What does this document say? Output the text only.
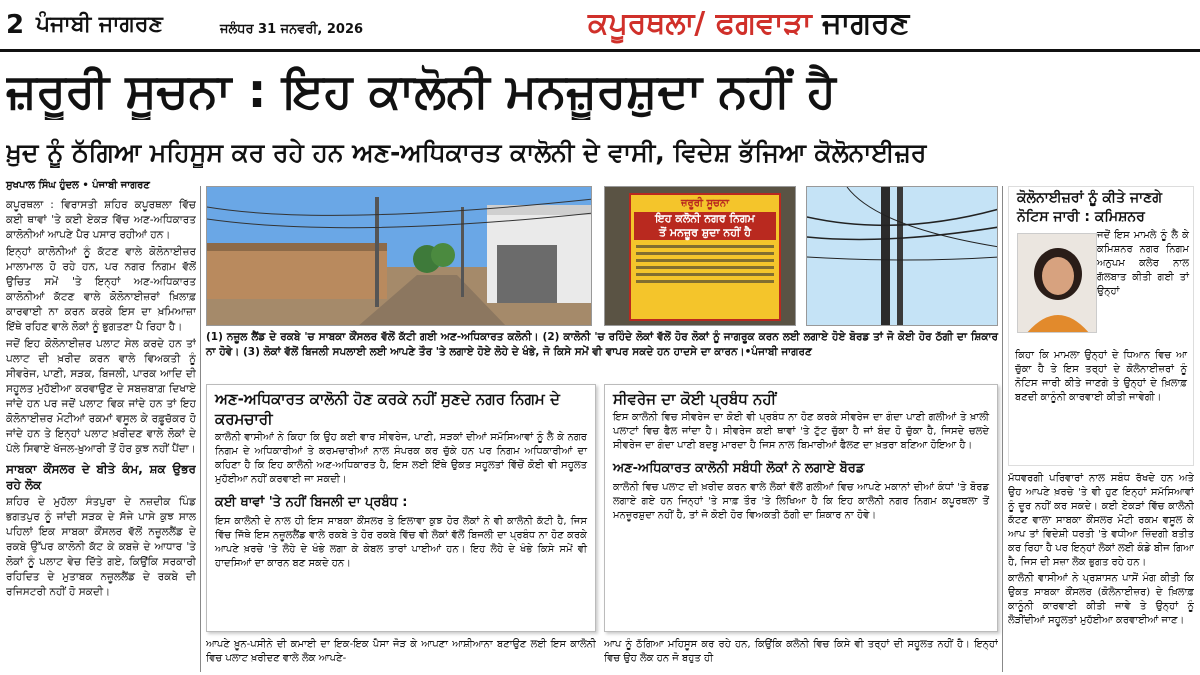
2 ਪੰਜਾਬੀ ਜਾਗਰਣ	ਜਲੰਧਰ 31 ਜਨਵਰੀ, 2026	ਕਪੂਰਥਲਾ/ ਫਗਵਾੜਾ ਜਾਗਰਣ
ਜ਼ਰੂਰੀ ਸੂਚਨਾ : ਇਹ ਕਾਲੋਨੀ ਮਨਜ਼ੂਰਸ਼ੁਦਾ ਨਹੀਂ ਹੈ
ਖ਼ੁਦ ਨੂੰ ਠੱਗਿਆ ਮਹਿਸੂਸ ਕਰ ਰਹੇ ਹਨ ਅਣ-ਅਧਿਕਾਰਤ ਕਾਲੋਨੀ ਦੇ ਵਾਸੀ, ਵਿਦੇਸ਼ ਭੱਜਿਆ ਕੋਲੋਨਾਈਜ਼ਰ
ਸੁਖਪਾਲ ਸਿੰਘ ਹੁੰਦਲ • ਪੰਜਾਬੀ ਜਾਗਰਣ

ਕਪੂਰਥਲਾ : ਵਿਰਾਸਤੀ ਸ਼ਹਿਰ ਕਪੂਰਥਲਾ ਵਿੱਚ ਕਈ ਥਾਵਾਂ 'ਤੇ ਕਈ ਏਕੜ ਵਿੱਚ ਅਣ-ਅਧਿਕਾਰਤ ਕਾਲੋਨੀਆਂ ਆਪਣੇ ਪੈਰ ਪਸਾਰ ਰਹੀਆਂ ਹਨ।

ਇਨ੍ਹਾਂ ਕਾਲੋਨੀਆਂ ਨੂੰ ਕੱਟਣ ਵਾਲੇ ਕੋਲੋਨਾਈਜ਼ਰ ਮਾਲਾਮਾਲ ਹੋ ਰਹੇ ਹਨ, ਪਰ ਨਗਰ ਨਿਗਮ ਵੱਲੋਂ ਉਚਿਤ ਸਮੇਂ 'ਤੇ ਇਨ੍ਹਾਂ ਅਣ-ਅਧਿਕਾਰਤ ਕਾਲੋਨੀਆਂ ਕੱਟਣ ਵਾਲੇ ਕੋਲੋਨਾਈਜ਼ਰਾਂ ਖ਼ਿਲਾਫ਼ ਕਾਰਵਾਈ ਨਾ ਕਰਨ ਕਰਕੇ ਇਸ ਦਾ ਖ਼ਮਿਆਜ਼ਾ ਇੱਥੇ ਰਹਿਣ ਵਾਲੇ ਲੋਕਾਂ ਨੂੰ ਭੁਗਤਣਾ ਪੈ ਰਿਹਾ ਹੈ।

ਜਦੋਂ ਇਹ ਕੋਲੋਨਾਈਜ਼ਰ ਪਲਾਟ ਸੇਲ ਕਰਦੇ ਹਨ ਤਾਂ ਪਲਾਟ ਦੀ ਖ਼ਰੀਦ ਕਰਨ ਵਾਲੇ ਵਿਅਕਤੀ ਨੂੰ ਸੀਵਰੇਜ, ਪਾਣੀ, ਸੜਕ, ਬਿਜਲੀ, ਪਾਰਕ ਆਦਿ ਦੀ ਸਹੂਲਤ ਮੁਹੱਈਆ ਕਰਵਾਉਣ ਦੇ ਸਬਜ਼ਬਾਗ਼ ਦਿਖਾਏ ਜਾਂਦੇ ਹਨ ਪਰ ਜਦੋਂ ਪਲਾਟ ਵਿਕ ਜਾਂਦੇ ਹਨ ਤਾਂ ਇਹ ਕੋਲੋਨਾਈਜ਼ਰ ਮੋਟੀਆਂ ਰਕਮਾਂ ਵਸੂਲ ਕੇ ਰਫ਼ੂਚੱਕਰ ਹੋ ਜਾਂਦੇ ਹਨ ਤੇ ਇਨ੍ਹਾਂ ਪਲਾਟ ਖ਼ਰੀਦਣ ਵਾਲੇ ਲੋਕਾਂ ਦੇ ਪੱਲੇ ਸਿਵਾਏ ਖੱਜਲ-ਖ਼ੁਆਰੀ ਤੋਂ ਹੋਰ ਕੁਝ ਨਹੀਂ ਪੈਂਦਾ।

ਸਾਬਕਾ ਕੌਂਸਲਰ ਦੇ ਬੀਤੇ ਕੰਮ, ਸ਼ਕ ਉਭਰ ਰਹੇ ਲੋਕ

ਸ਼ਹਿਰ ਦੇ ਮੁਹੱਲਾ ਸੰਤਪੁਰਾ ਦੇ ਨਜ਼ਦੀਕ ਪਿੰਡ ਭਗਤਪੁਰ ਨੂੰ ਜਾਂਦੀ ਸੜਕ ਦੇ ਸੱਜੇ ਪਾਸੇ ਕੁਝ ਸਾਲ ਪਹਿਲਾਂ ਇਕ ਸਾਬਕਾ ਕੌਂਸਲਰ ਵੱਲੋਂ ਨਜ਼ੂਲਲੈਂਡ ਦੇ ਰਕਬੇ ਉੱਪਰ ਕਾਲੋਨੀ ਕੱਟ ਕੇ ਕਬਜ਼ੇ ਦੇ ਆਧਾਰ 'ਤੇ ਲੋਕਾਂ ਨੂੰ ਪਲਾਟ ਵੇਚ ਦਿੱਤੇ ਗਏ, ਕਿਉਂਕਿ ਸਰਕਾਰੀ ਰਹਿਦਿਤ ਦੇ ਮੁਤਾਬਕ ਨਜ਼ੂਲਲੈਂਡ ਦੇ ਰਕਬੇ ਦੀ ਰਜਿਸਟਰੀ ਨਹੀਂ ਹੋ ਸਕਦੀ।

ਜ਼ਰੂਰੀ ਸੂਚਨਾ
ਇਹ ਕਲੋਨੀ ਨਗਰ ਨਿਗਮ
ਤੋਂ ਮਨਜ਼ੂਰ ਸ਼ੁਦਾ ਨਹੀਂ ਹੈ
(1) ਨਜ਼ੂਲ ਲੈਂਡ ਦੇ ਰਕਬੇ 'ਚ ਸਾਬਕਾ ਕੌਂਸਲਰ ਵੱਲੋਂ ਕੱਟੀ ਗਈ ਅਣ-ਅਧਿਕਾਰਤ ਕਲੋਨੀ। (2) ਕਾਲੋਨੀ 'ਚ ਰਹਿੰਦੇ ਲੋਕਾਂ ਵੱਲੋਂ ਹੋਰ ਲੋਕਾਂ ਨੂੰ ਜਾਗਰੂਕ ਕਰਨ ਲਈ ਲਗਾਏ ਹੋਏ ਬੋਰਡ ਤਾਂ ਜੋ ਕੋਈ ਹੋਰ ਠੱਗੀ ਦਾ ਸ਼ਿਕਾਰ ਨਾ ਹੋਵੇ। (3) ਲੋਕਾਂ ਵੱਲੋਂ ਬਿਜਲੀ ਸਪਲਾਈ ਲਈ ਆਪਣੇ ਤੌਰ 'ਤੇ ਲਗਾਏ ਹੋਏ ਲੋਹੇ ਦੇ ਖੰਭੇ, ਜੋ ਕਿਸੇ ਸਮੇਂ ਵੀ ਵਾਪਰ ਸਕਦੇ ਹਨ ਹਾਦਸੇ ਦਾ ਕਾਰਨ।•ਪੰਜਾਬੀ ਜਾਗਰਣ
ਅਣ-ਅਧਿਕਾਰਤ ਕਾਲੋਨੀ ਹੋਣ ਕਰਕੇ ਨਹੀਂ ਸੁਣਦੇ ਨਗਰ ਨਿਗਮ ਦੇ ਕਰਮਚਾਰੀ
ਕਾਲੋਨੀ ਵਾਸੀਆਂ ਨੇ ਕਿਹਾ ਕਿ ਉਹ ਕਈ ਵਾਰ ਸੀਵਰੇਜ, ਪਾਣੀ, ਸੜਕਾਂ ਦੀਆਂ ਸਮੱਸਿਆਵਾਂ ਨੂੰ ਲੈ ਕੇ ਨਗਰ ਨਿਗਮ ਦੇ ਅਧਿਕਾਰੀਆਂ ਤੇ ਕਰਮਚਾਰੀਆਂ ਨਾਲ ਸੰਪਰਕ ਕਰ ਚੁੱਕੇ ਹਨ ਪਰ ਨਿਗਮ ਅਧਿਕਾਰੀਆਂ ਦਾ ਕਹਿਣਾ ਹੈ ਕਿ ਇਹ ਕਾਲੋਨੀ ਅਣ-ਅਧਿਕਾਰਤ ਹੈ, ਇਸ ਲਈ ਇੱਥੇ ਉਕਤ ਸਹੂਲਤਾਂ ਵਿੱਚੋਂ ਕੋਈ ਵੀ ਸਹੂਲਤ ਮੁਹੱਈਆ ਨਹੀਂ ਕਰਵਾਈ ਜਾ ਸਕਦੀ।
ਕਈ ਥਾਵਾਂ 'ਤੇ ਨਹੀਂ ਬਿਜਲੀ ਦਾ ਪ੍ਰਬੰਧ :
ਇਸ ਕਾਲੋਨੀ ਦੇ ਨਾਲ ਹੀ ਇਸ ਸਾਬਕਾ ਕੌਂਸਲਰ ਤੇ ਇਲਾਵਾ ਕੁਝ ਹੋਰ ਲੋਕਾਂ ਨੇ ਵੀ ਕਾਲੋਨੀ ਕੱਟੀ ਹੈ, ਜਿਸ ਵਿੱਚ ਜਿੱਥੇ ਇਸ ਨਜ਼ੂਲਲੈਂਡ ਵਾਲੇ ਰਕਬੇ ਤੇ ਹੋਰ ਰਕਬੇ ਵਿੱਚ ਵੀ ਲੋਕਾਂ ਵੱਲੋਂ ਬਿਜਲੀ ਦਾ ਪ੍ਰਬੰਧ ਨਾ ਹੋਣ ਕਰਕੇ ਆਪਣੇ ਖ਼ਰਚੇ 'ਤੇ ਲੋਹੇ ਦੇ ਖੰਭੇ ਲਗਾ ਕੇ ਕੇਬਲ ਤਾਰਾਂ ਪਾਈਆਂ ਹਨ। ਇਹ ਲੋਹੇ ਦੇ ਖੰਭੇ ਕਿਸੇ ਸਮੇਂ ਵੀ ਹਾਦਸਿਆਂ ਦਾ ਕਾਰਨ ਬਣ ਸਕਦੇ ਹਨ।

ਆਪਣੇ ਖ਼ੂਨ-ਪਸੀਨੇ ਦੀ ਕਮਾਈ ਦਾ ਇਕ-ਇਕ ਪੈਸਾ ਜੋੜ ਕੇ ਆਪਣਾ ਆਸ਼ੀਆਨਾ ਬਣਾਉਣ ਲਈ ਇਸ ਕਾਲੋਨੀ ਵਿਚ ਪਲਾਟ ਖ਼ਰੀਦਣ ਵਾਲੇ ਲੋਕ ਆਪਣੇ-

ਸੀਵਰੇਜ ਦਾ ਕੋਈ ਪ੍ਰਬੰਧ ਨਹੀਂ
ਇਸ ਕਾਲੋਨੀ ਵਿਚ ਸੀਵਰੇਜ ਦਾ ਕੋਈ ਵੀ ਪ੍ਰਬੰਧ ਨਾ ਹੋਣ ਕਰਕੇ ਸੀਵਰੇਜ ਦਾ ਗੰਦਾ ਪਾਣੀ ਗਲੀਆਂ ਤੇ ਖ਼ਾਲੀ ਪਲਾਟਾਂ ਵਿਚ ਫੈਲ ਜਾਂਦਾ ਹੈ। ਸੀਵਰੇਜ ਕਈ ਥਾਵਾਂ 'ਤੇ ਟੁੱਟ ਚੁੱਕਾ ਹੈ ਜਾਂ ਬੰਦ ਹੋ ਚੁੱਕਾ ਹੈ, ਜਿਸਦੇ ਚਲਦੇ ਸੀਵਰੇਜ ਦਾ ਗੰਦਾ ਪਾਣੀ ਬਦਬੂ ਮਾਰਦਾ ਹੈ ਜਿਸ ਨਾਲ ਬਿਮਾਰੀਆਂ ਫੈਲਣ ਦਾ ਖ਼ਤਰਾ ਬਣਿਆ ਹੋਇਆ ਹੈ।
ਅਣ-ਅਧਿਕਾਰਤ ਕਾਲੋਨੀ ਸਬੰਧੀ ਲੋਕਾਂ ਨੇ ਲਗਾਏ ਬੋਰਡ
ਕਾਲੋਨੀ ਵਿਚ ਪਲਾਟ ਦੀ ਖ਼ਰੀਦ ਕਰਨ ਵਾਲੇ ਲੋਕਾਂ ਵੱਲੋਂ ਗਲੀਆਂ ਵਿਚ ਆਪਣੇ ਮਕਾਨਾਂ ਦੀਆਂ ਕੰਧਾਂ 'ਤੇ ਬੋਰਡ ਲਗਾਏ ਗਏ ਹਨ ਜਿਨ੍ਹਾਂ 'ਤੇ ਸਾਫ਼ ਤੌਰ 'ਤੇ ਲਿਖਿਆ ਹੈ ਕਿ ਇਹ ਕਾਲੋਨੀ ਨਗਰ ਨਿਗਮ ਕਪੂਰਥਲਾ ਤੋਂ ਮਨਜ਼ੂਰਸ਼ੁਦਾ ਨਹੀਂ ਹੈ, ਤਾਂ ਜੋ ਕੋਈ ਹੋਰ ਵਿਅਕਤੀ ਠੱਗੀ ਦਾ ਸ਼ਿਕਾਰ ਨਾ ਹੋਵੇ।

ਆਪ ਨੂੰ ਠੱਗਿਆ ਮਹਿਸੂਸ ਕਰ ਰਹੇ ਹਨ, ਕਿਉਂਕਿ ਕਲੋਨੀ ਵਿਚ ਕਿਸੇ ਵੀ ਤਰ੍ਹਾਂ ਦੀ ਸਹੂਲਤ ਨਹੀਂ ਹੈ। ਇਨ੍ਹਾਂ ਵਿਚ ਉਹ ਲੋਕ ਹਨ ਜੋ ਬਹੁਤ ਹੀ

ਕੋਲੋਨਾਈਜ਼ਰਾਂ ਨੂੰ ਕੀਤੇ ਜਾਣਗੇ ਨੋਟਿਸ ਜਾਰੀ : ਕਮਿਸ਼ਨਰ
ਜਦੋਂ ਇਸ ਮਾਮਲੇ ਨੂੰ ਲੈ ਕੇ ਕਮਿਸ਼ਨਰ ਨਗਰ ਨਿਗਮ ਅਨੁਪਮ ਕਲੇਰ ਨਾਲ ਗੱਲਬਾਤ ਕੀਤੀ ਗਈ ਤਾਂ ਉਨ੍ਹਾਂ
ਕਿਹਾ ਕਿ ਮਾਮਲਾ ਉਨ੍ਹਾਂ ਦੇ ਧਿਆਨ ਵਿਚ ਆ ਚੁੱਕਾ ਹੈ ਤੇ ਇਸ ਤਰ੍ਹਾਂ ਦੇ ਕੋਲੋਨਾਈਜ਼ਰਾਂ ਨੂੰ ਨੋਟਿਸ ਜਾਰੀ ਕੀਤੇ ਜਾਣਗੇ ਤੇ ਉਨ੍ਹਾਂ ਦੇ ਖ਼ਿਲਾਫ਼ ਬਣਦੀ ਕਾਨੂੰਨੀ ਕਾਰਵਾਈ ਕੀਤੀ ਜਾਵੇਗੀ।

ਮੱਧਵਰਗੀ ਪਰਿਵਾਰਾਂ ਨਾਲ ਸਬੰਧ ਰੱਖਦੇ ਹਨ ਅਤੇ ਉਹ ਆਪਣੇ ਖ਼ਰਚੇ 'ਤੇ ਵੀ ਹੁਣ ਇਨ੍ਹਾਂ ਸਮੱਸਿਆਵਾਂ ਨੂੰ ਦੂਰ ਨਹੀਂ ਕਰ ਸਕਦੇ। ਕਈ ਏਕੜਾਂ ਵਿੱਚ ਕਾਲੋਨੀ ਕੱਟਣ ਵਾਲਾ ਸਾਬਕਾ ਕੌਂਸਲਰ ਮੋਟੀ ਰਕਮ ਵਸੂਲ ਕੇ ਆਪ ਤਾਂ ਵਿਦੇਸ਼ੀ ਧਰਤੀ 'ਤੇ ਵਧੀਆ ਜ਼ਿੰਦਗੀ ਬਤੀਤ ਕਰ ਰਿਹਾ ਹੈ ਪਰ ਇਨ੍ਹਾਂ ਲੋਕਾਂ ਲਈ ਕੰਡੇ ਬੀਜ ਗਿਆ ਹੈ, ਜਿਸ ਦੀ ਸਜ਼ਾ ਲੋਕ ਭੁਗਤ ਰਹੇ ਹਨ।

ਕਾਲੋਨੀ ਵਾਸੀਆਂ ਨੇ ਪ੍ਰਸ਼ਾਸਨ ਪਾਸੋਂ ਮੰਗ ਕੀਤੀ ਕਿ ਉਕਤ ਸਾਬਕਾ ਕੌਂਸਲਰ (ਕੋਲੋਨਾਈਜ਼ਰ) ਦੇ ਖ਼ਿਲਾਫ਼ ਕਾਨੂੰਨੀ ਕਾਰਵਾਈ ਕੀਤੀ ਜਾਵੇ ਤੇ ਉਨ੍ਹਾਂ ਨੂੰ ਲੋੜੀਂਦੀਆਂ ਸਹੂਲਤਾਂ ਮੁਹੱਈਆ ਕਰਵਾਈਆਂ ਜਾਣ।
